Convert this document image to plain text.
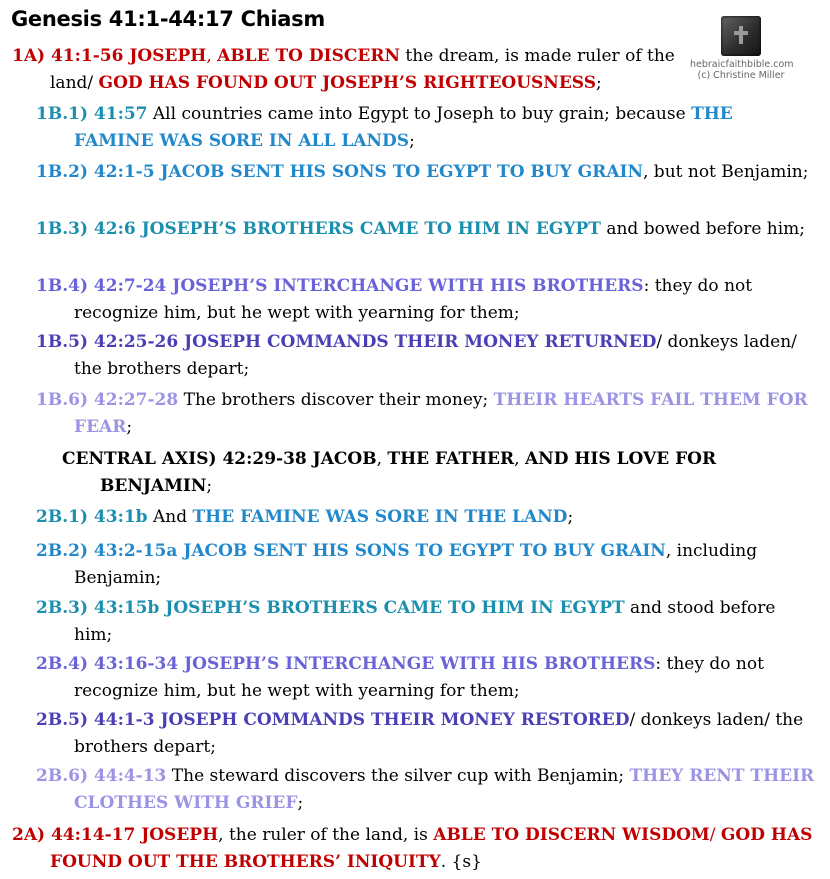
Genesis 41:1-44:17 Chiasm
hebraicfaithbible.com
(c) Christine Miller
1A) 41:1-56 JOSEPH, ABLE TO DISCERN the dream, is made ruler of the land/ GOD HAS FOUND OUT JOSEPH’S RIGHTEOUSNESS;
1B.1) 41:57 All countries came into Egypt to Joseph to buy grain; because THE FAMINE WAS SORE IN ALL LANDS;
1B.2) 42:1-5 JACOB SENT HIS SONS TO EGYPT TO BUY GRAIN, but not Benjamin;
1B.3) 42:6 JOSEPH’S BROTHERS CAME TO HIM IN EGYPT and bowed before him;
1B.4) 42:7-24 JOSEPH’S INTERCHANGE WITH HIS BROTHERS: they do not recognize him, but he wept with yearning for them;
1B.5) 42:25-26 JOSEPH COMMANDS THEIR MONEY RETURNED/ donkeys laden/ the brothers depart;
1B.6) 42:27-28 The brothers discover their money; THEIR HEARTS FAIL THEM FOR FEAR;
CENTRAL AXIS) 42:29-38 JACOB, THE FATHER, AND HIS LOVE FOR BENJAMIN;
2B.1) 43:1b And THE FAMINE WAS SORE IN THE LAND;
2B.2) 43:2-15a JACOB SENT HIS SONS TO EGYPT TO BUY GRAIN, including Benjamin;
2B.3) 43:15b JOSEPH’S BROTHERS CAME TO HIM IN EGYPT and stood before him;
2B.4) 43:16-34 JOSEPH’S INTERCHANGE WITH HIS BROTHERS: they do not recognize him, but he wept with yearning for them;
2B.5) 44:1-3 JOSEPH COMMANDS THEIR MONEY RESTORED/ donkeys laden/ the brothers depart;
2B.6) 44:4-13 The steward discovers the silver cup with Benjamin; THEY RENT THEIR CLOTHES WITH GRIEF;
2A) 44:14-17 JOSEPH, the ruler of the land, is ABLE TO DISCERN WISDOM/ GOD HAS FOUND OUT THE BROTHERS’ INIQUITY. {s}
